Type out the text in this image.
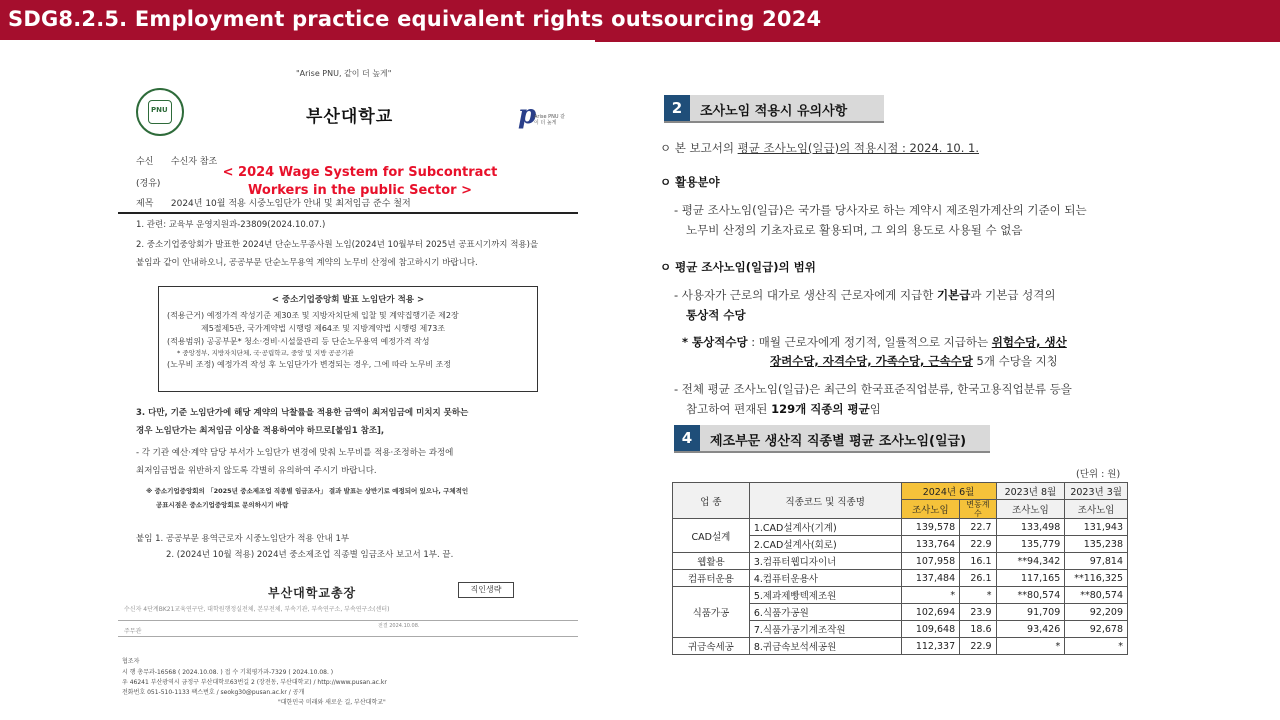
SDG8.2.5. Employment practice equivalent rights outsourcing 2024
"Arise PNU, 같이 더 높게"
PNU	부산대학교	p
Arise PNU 같이 더 높게
수신 수신자 참조
(경유)
제목 2024년 10월 적용 시중노임단가 안내 및 최저임금 준수 철저
< 2024 Wage System for Subcontract
Workers in the public Sector >
1. 관련: 교육부 운영지원과-23809(2024.10.07.)
2. 중소기업중앙회가 발표한 2024년 단순노무종사원 노임(2024년 10월부터 2025년 공표시기까지 적용)을
붙임과 같이 안내하오니, 공공부문 단순노무용역 계약의 노무비 산정에 참고하시기 바랍니다.
< 중소기업중앙회 발표 노임단가 적용 >
(적용근거) 예정가격 작성기준 제30조 및 지방자치단체 입찰 및 계약집행기준 제2장
제5절제5관, 국가계약법 시행령 제64조 및 지방계약법 시행령 제73조
(적용범위) 공공부문* 청소·경비·시설물관리 등 단순노무용역 예정가격 작성
* 중앙정부, 지방자치단체, 국·공립학교, 중앙 및 지방 공공기관
(노무비 조정) 예정가격 작성 후 노임단가가 변경되는 경우, 그에 따라 노무비 조정
3. 다만, 기준 노임단가에 해당 계약의 낙찰률을 적용한 금액이 최저임금에 미치지 못하는
경우 노임단가는 최저임금 이상을 적용하여야 하므로[붙임1 참조],
- 각 기관 예산·계약 담당 부서가 노임단가 변경에 맞춰 노무비를 적용·조정하는 과정에
최저임금법을 위반하지 않도록 각별히 유의하여 주시기 바랍니다.
※ 중소기업중앙회의 「2025년 중소제조업 직종별 임금조사」 결과 발표는 상반기로 예정되어 있으나, 구체적인
공표시점은 중소기업중앙회로 문의하시기 바람
붙임 1. 공공부문 용역근로자 시중노임단가 적용 안내 1부
2. (2024년 10월 적용) 2024년 중소제조업 직종별 임금조사 보고서 1부. 끝.
부산대학교총장	직인생략
수신자 4단계BK21교육연구단, 대학원행정실전체, 본부전체, 부속기관, 부속연구소, 부속연구소(센터)
주무관
전결 2024.10.08.
협조자
시 행 총무과-16568 ( 2024.10.08. ) 접 수 기획평가과-7329 ( 2024.10.08. )
우 46241 부산광역시 금정구 부산대학로63번길 2 (장전동, 부산대학교) / http://www.pusan.ac.kr
전화번호 051-510-1133 팩스번호 / seokg30@pusan.ac.kr / 공개
"대한민국 미래와 새로운 길, 부산대학교"
2	조사노임 적용시 유의사항
ㅇ 본 보고서의 평균 조사노임(일급)의 적용시점 : 2024. 10. 1.
ㅇ 활용분야
- 평균 조사노임(일급)은 국가를 당사자로 하는 계약시 제조원가계산의 기준이 되는
노무비 산정의 기초자료로 활용되며, 그 외의 용도로 사용될 수 없음
ㅇ 평균 조사노임(일급)의 범위
- 사용자가 근로의 대가로 생산직 근로자에게 지급한 기본급과 기본급 성격의
통상적 수당
* 통상적수당 : 매월 근로자에게 정기적, 일률적으로 지급하는 위험수당, 생산
장려수당, 자격수당, 가족수당, 근속수당 5개 수당을 지칭
- 전체 평균 조사노임(일급)은 최근의 한국표준직업분류, 한국고용직업분류 등을
참고하여 편재된 129개 직종의 평균임
4	제조부문 생산직 직종별 평균 조사노임(일급)
(단위 : 원)
업 종	직종코드 및 직종명	2024년 6월		2023년 8월	2023년 3월
		조사노임	변동계수	조사노임	조사노임
CAD설계	1.CAD설계사(기계)	139,578	22.7	133,498	131,943
	2.CAD설계사(회로)	133,764	22.9	135,779	135,238
웹활용	3.컴퓨터웹디자이너	107,958	16.1	**94,342	97,814
컴퓨터운용	4.컴퓨터운용사	137,484	26.1	117,165	**116,325
식품가공	5.제과제빵텍제조원	*	*	**80,574	**80,574
	6.식품가공원	102,694	23.9	91,709	92,209
	7.식품가공기계조작원	109,648	18.6	93,426	92,678
귀금속세공	8.귀금속보석세공원	112,337	22.9	*	*
